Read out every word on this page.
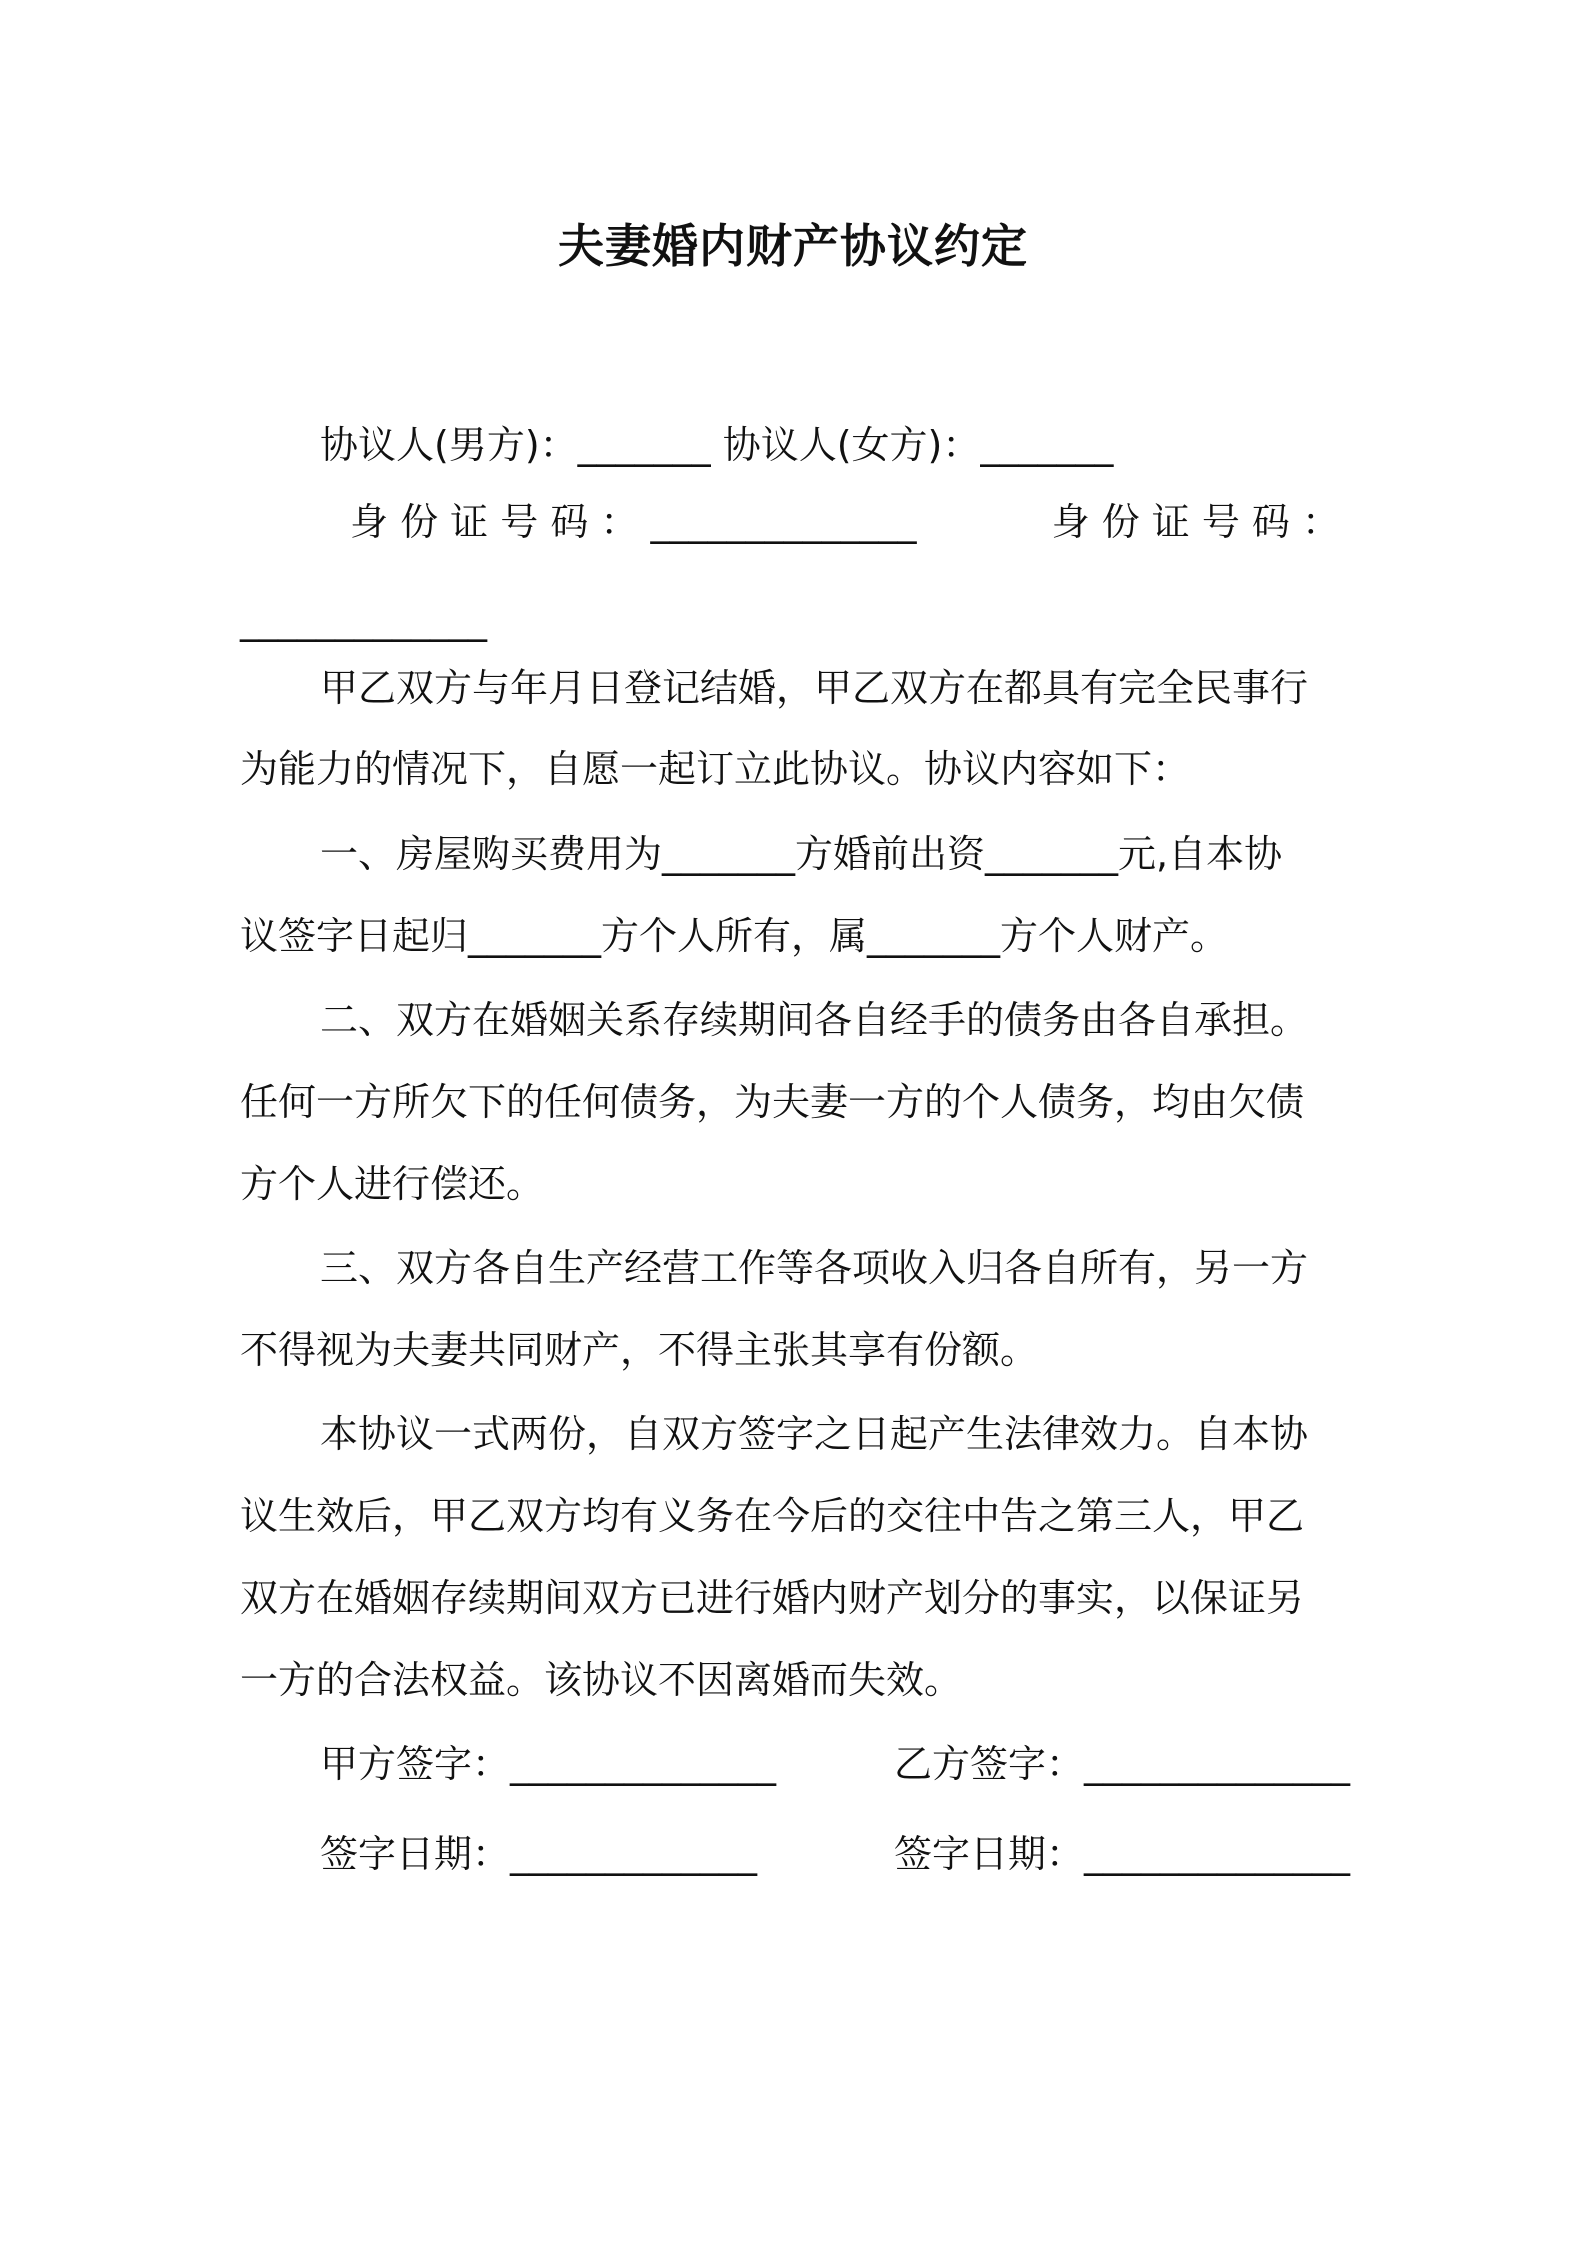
夫妻婚内财产协议约定
协议人(男方)：_______ 协议人(女方)：_______
身 份 证 号 码 ： ______________	身 份 证 号 码 ：
_____________
甲乙双方与年月日登记结婚，甲乙双方在都具有完全民事行
为能力的情况下，自愿一起订立此协议。协议内容如下：
一、房屋购买费用为_______方婚前出资_______元,自本协
议签字日起归_______方个人所有，属_______方个人财产。
二、双方在婚姻关系存续期间各自经手的债务由各自承担。
任何一方所欠下的任何债务，为夫妻一方的个人债务，均由欠债
方个人进行偿还。
三、双方各自生产经营工作等各项收入归各自所有，另一方
不得视为夫妻共同财产，不得主张其享有份额。
本协议一式两份，自双方签字之日起产生法律效力。自本协
议生效后，甲乙双方均有义务在今后的交往中告之第三人，甲乙
双方在婚姻存续期间双方已进行婚内财产划分的事实，以保证另
一方的合法权益。该协议不因离婚而失效。
甲方签字：______________	乙方签字：______________
签字日期：_____________	签字日期：______________
